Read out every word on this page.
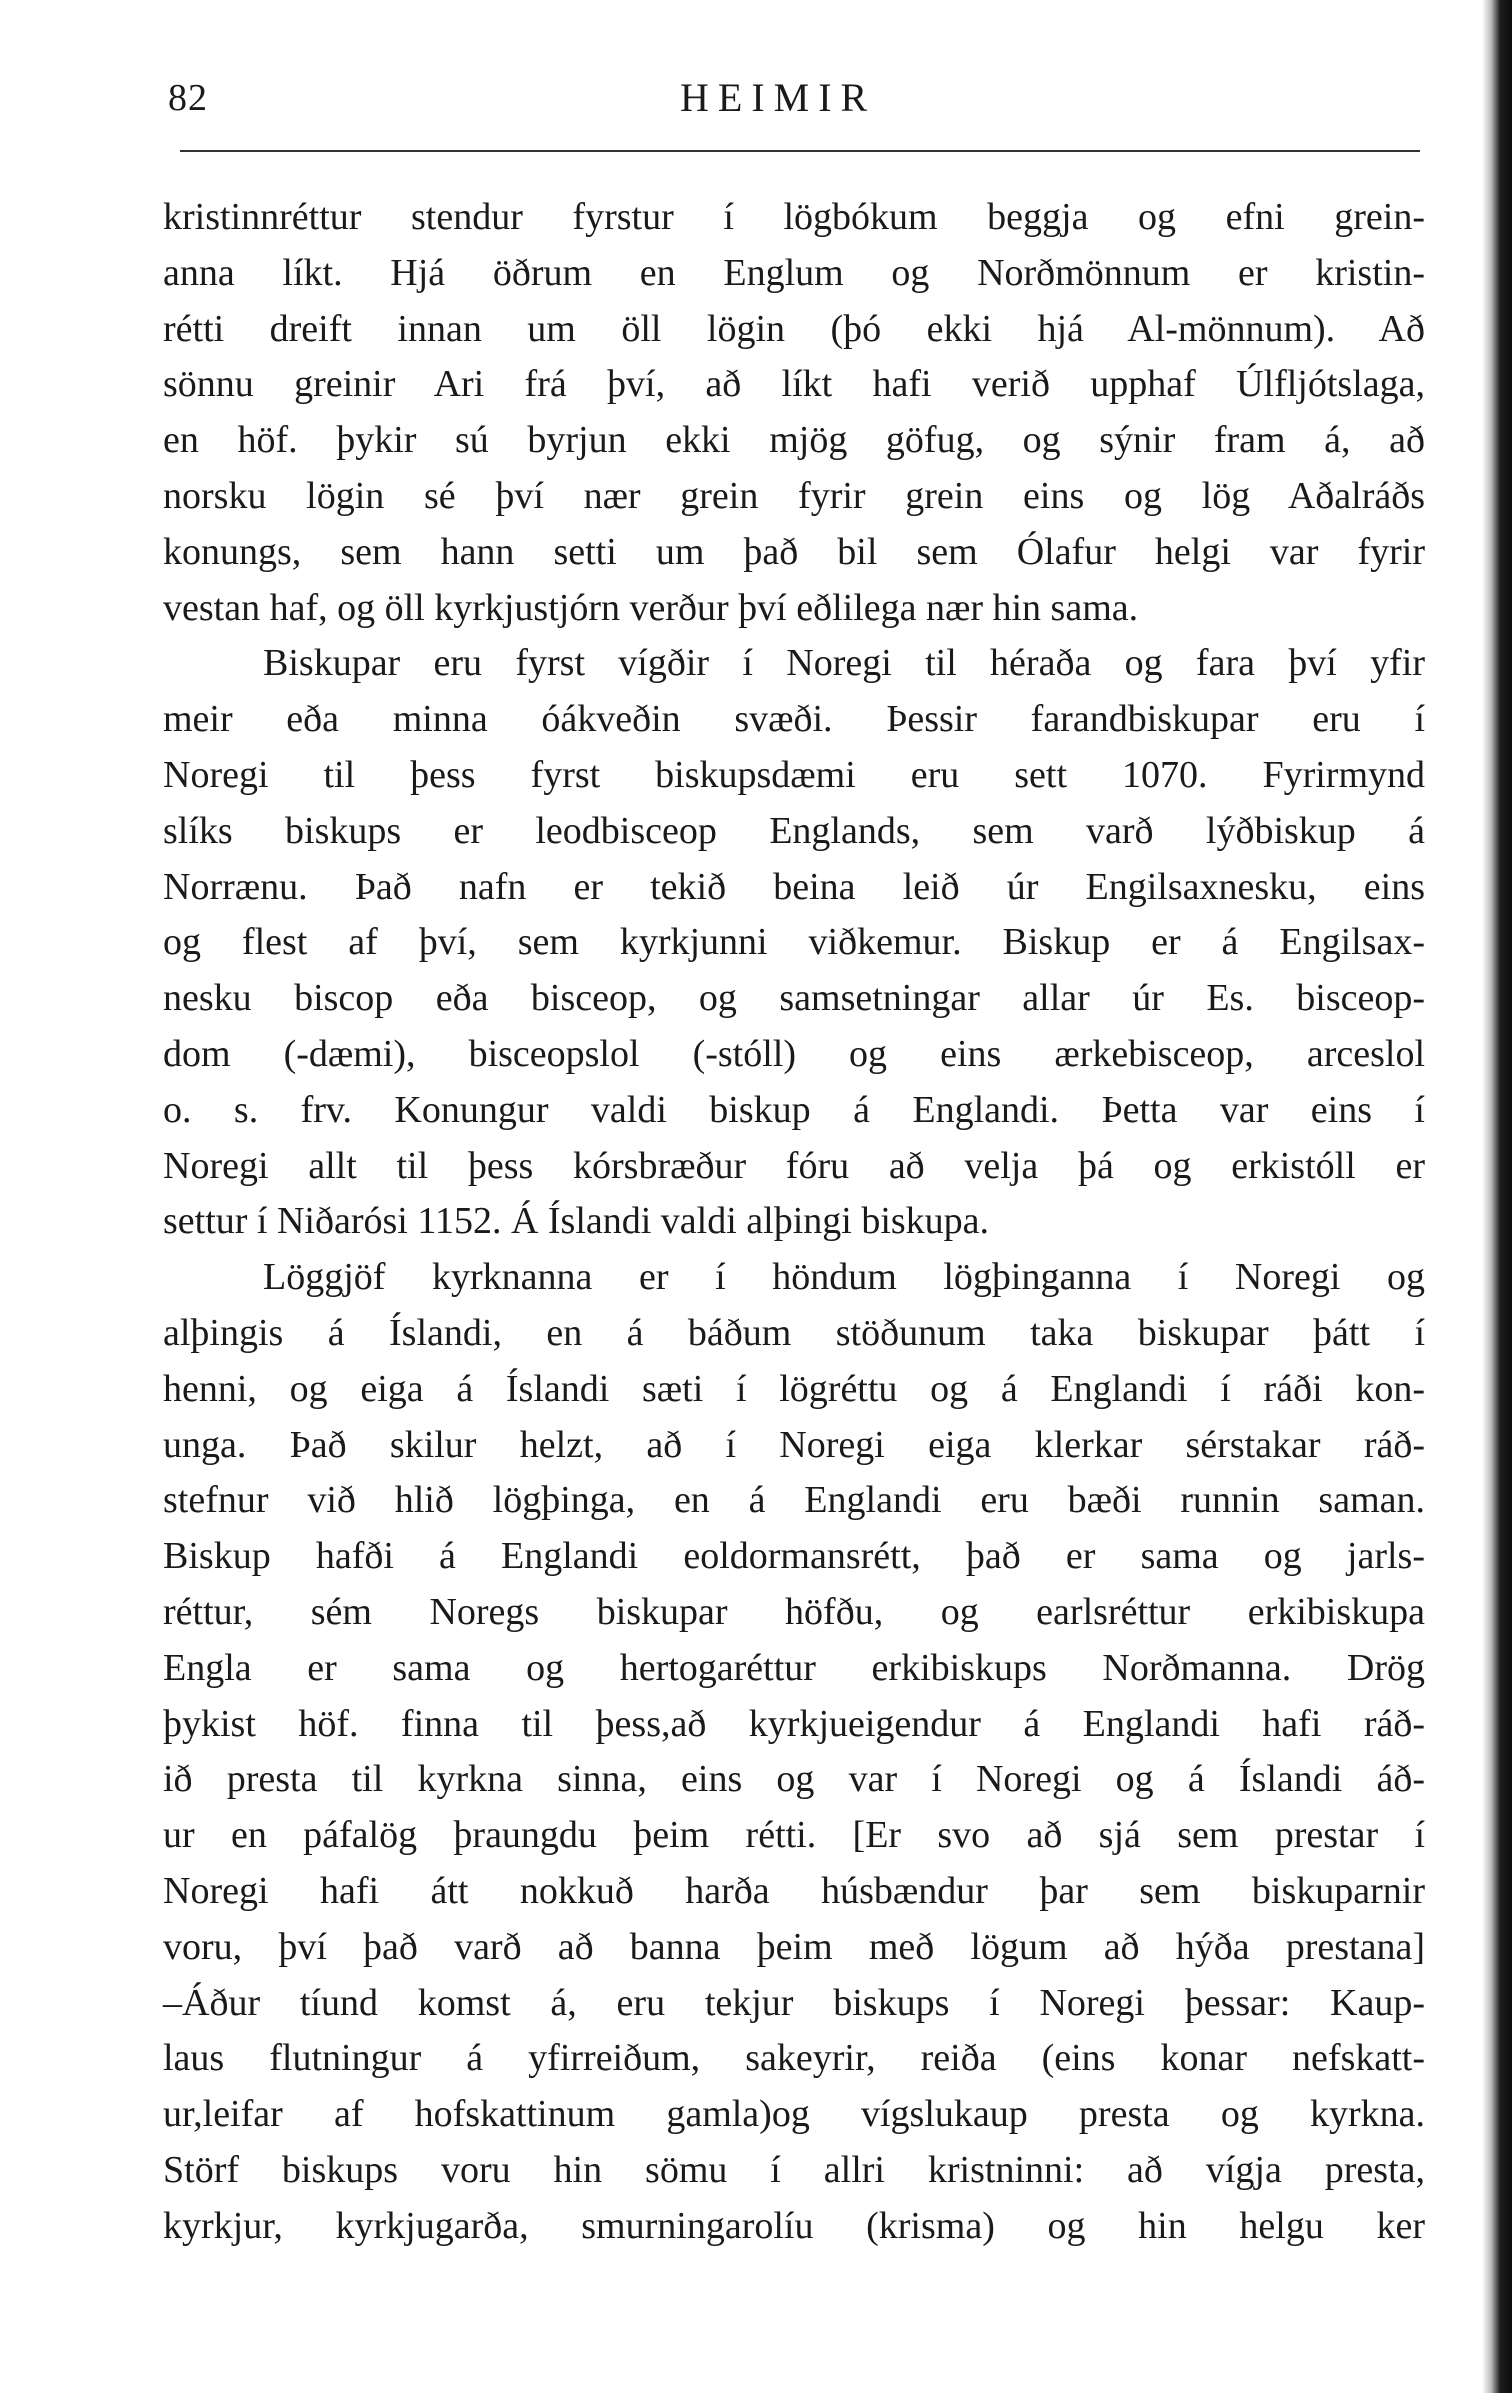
82	HEIMIR
kristinnréttur stendur fyrstur í lögbókum beggja og efni grein-
anna líkt. Hjá öðrum en Englum og Norðmönnum er kristin-
rétti dreift innan um öll lögin (þó ekki hjá Al-mönnum). Að
sönnu greinir Ari frá því, að líkt hafi verið upphaf Úlfljótslaga,
en höf. þykir sú byrjun ekki mjög göfug, og sýnir fram á, að
norsku lögin sé því nær grein fyrir grein eins og lög Aðalráðs
konungs, sem hann setti um það bil sem Ólafur helgi var fyrir
vestan haf, og öll kyrkjustjórn verður því eðlilega nær hin sama.
Biskupar eru fyrst vígðir í Noregi til héraða og fara því yfir
meir eða minna óákveðin svæði. Þessir farandbiskupar eru í
Noregi til þess fyrst biskupsdæmi eru sett 1070. Fyrirmynd
slíks biskups er leodbisceop Englands, sem varð lýðbiskup á
Norrænu. Það nafn er tekið beina leið úr Engilsaxnesku, eins
og flest af því, sem kyrkjunni viðkemur. Biskup er á Engilsax-
nesku biscop eða bisceop, og samsetningar allar úr Es. bisceop-
dom (-dæmi), bisceopslol (-stóll) og eins ærkebisceop, arceslol
o. s. frv. Konungur valdi biskup á Englandi. Þetta var eins í
Noregi allt til þess kórsbræður fóru að velja þá og erkistóll er
settur í Niðarósi 1152. Á Íslandi valdi alþingi biskupa.
Löggjöf kyrknanna er í höndum lögþinganna í Noregi og
alþingis á Íslandi, en á báðum stöðunum taka biskupar þátt í
henni, og eiga á Íslandi sæti í lögréttu og á Englandi í ráði kon-
unga. Það skilur helzt, að í Noregi eiga klerkar sérstakar ráð-
stefnur við hlið lögþinga, en á Englandi eru bæði runnin saman.
Biskup hafði á Englandi eoldormansrétt, það er sama og jarls-
réttur, sém Noregs biskupar höfðu, og earlsréttur erkibiskupa
Engla er sama og hertogaréttur erkibiskups Norðmanna. Drög
þykist höf. finna til þess,að kyrkjueigendur á Englandi hafi ráð-
ið presta til kyrkna sinna, eins og var í Noregi og á Íslandi áð-
ur en páfalög þraungdu þeim rétti. [Er svo að sjá sem prestar í
Noregi hafi átt nokkuð harða húsbændur þar sem biskuparnir
voru, því það varð að banna þeim með lögum að hýða prestana]
–Áður tíund komst á, eru tekjur biskups í Noregi þessar: Kaup-
laus flutningur á yfirreiðum, sakeyrir, reiða (eins konar nefskatt-
ur,leifar af hofskattinum gamla)og vígslukaup presta og kyrkna.
Störf biskups voru hin sömu í allri kristninni: að vígja presta,
kyrkjur, kyrkjugarða, smurningarolíu (krisma) og hin helgu ker
